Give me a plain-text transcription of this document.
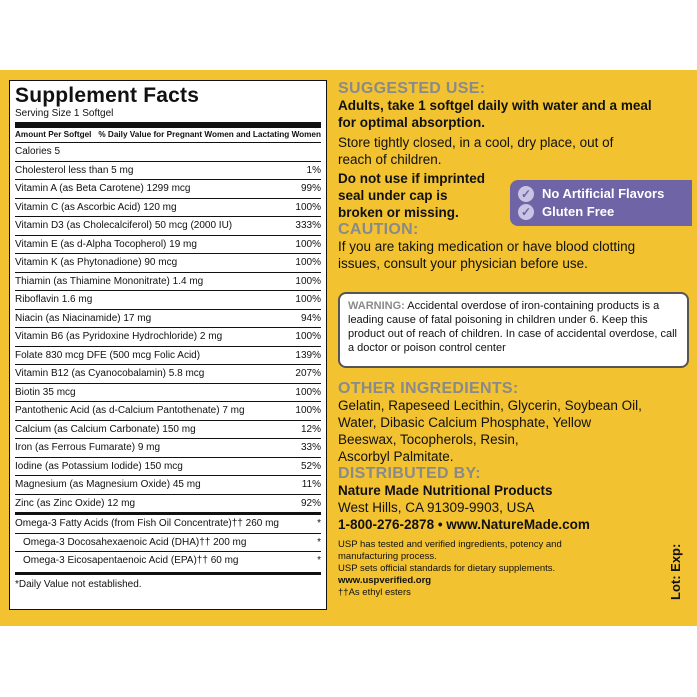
Supplement Facts
Serving Size 1 Softgel
Amount Per Softgel % Daily Value for Pregnant Women and Lactating Women
Calories 5
Cholesterol less than 5 mg	1%
Vitamin A (as Beta Carotene) 1299 mcg	99%
Vitamin C (as Ascorbic Acid) 120 mg	100%
Vitamin D3 (as Cholecalciferol) 50 mcg (2000 IU)	333%
Vitamin E (as d-Alpha Tocopherol) 19 mg	100%
Vitamin K (as Phytonadione) 90 mcg	100%
Thiamin (as Thiamine Mononitrate) 1.4 mg	100%
Riboflavin 1.6 mg	100%
Niacin (as Niacinamide) 17 mg	94%
Vitamin B6 (as Pyridoxine Hydrochloride) 2 mg	100%
Folate 830 mcg DFE (500 mcg Folic Acid)	139%
Vitamin B12 (as Cyanocobalamin) 5.8 mcg	207%
Biotin 35 mcg	100%
Pantothenic Acid (as d-Calcium Pantothenate) 7 mg	100%
Calcium (as Calcium Carbonate) 150 mg	12%
Iron (as Ferrous Fumarate) 9 mg	33%
Iodine (as Potassium Iodide) 150 mcg	52%
Magnesium (as Magnesium Oxide) 45 mg	11%
Zinc (as Zinc Oxide) 12 mg	92%
Omega-3 Fatty Acids (from Fish Oil Concentrate)†† 260 mg	*
Omega-3 Docosahexaenoic Acid (DHA)†† 200 mg	*
Omega-3 Eicosapentaenoic Acid (EPA)†† 60 mg	*
*Daily Value not established.
SUGGESTED USE:
Adults, take 1 softgel daily with water and a meal
for optimal absorption.
Store tightly closed, in a cool, dry place, out of
reach of children.
Do not use if imprinted
seal under cap is
broken or missing.
CAUTION:
If you are taking medication or have blood clotting
issues, consult your physician before use.
OTHER INGREDIENTS:
Gelatin, Rapeseed Lecithin, Glycerin, Soybean Oil,
Water, Dibasic Calcium Phosphate, Yellow
Beeswax, Tocopherols, Resin,
Ascorbyl Palmitate.
DISTRIBUTED BY:
Nature Made Nutritional Products
West Hills, CA 91309-9903, USA
1-800-276-2878 • www.NatureMade.com
USP has tested and verified ingredients, potency and
manufacturing process.
USP sets official standards for dietary supplements.
www.uspverified.org
††As ethyl esters
✓ No Artificial Flavors
✓ Gluten Free
WARNING: Accidental overdose of iron-containing products is a leading cause of fatal poisoning in children under 6. Keep this product out of reach of children. In case of accidental overdose, call a doctor or poison control center
Lot: Exp:
